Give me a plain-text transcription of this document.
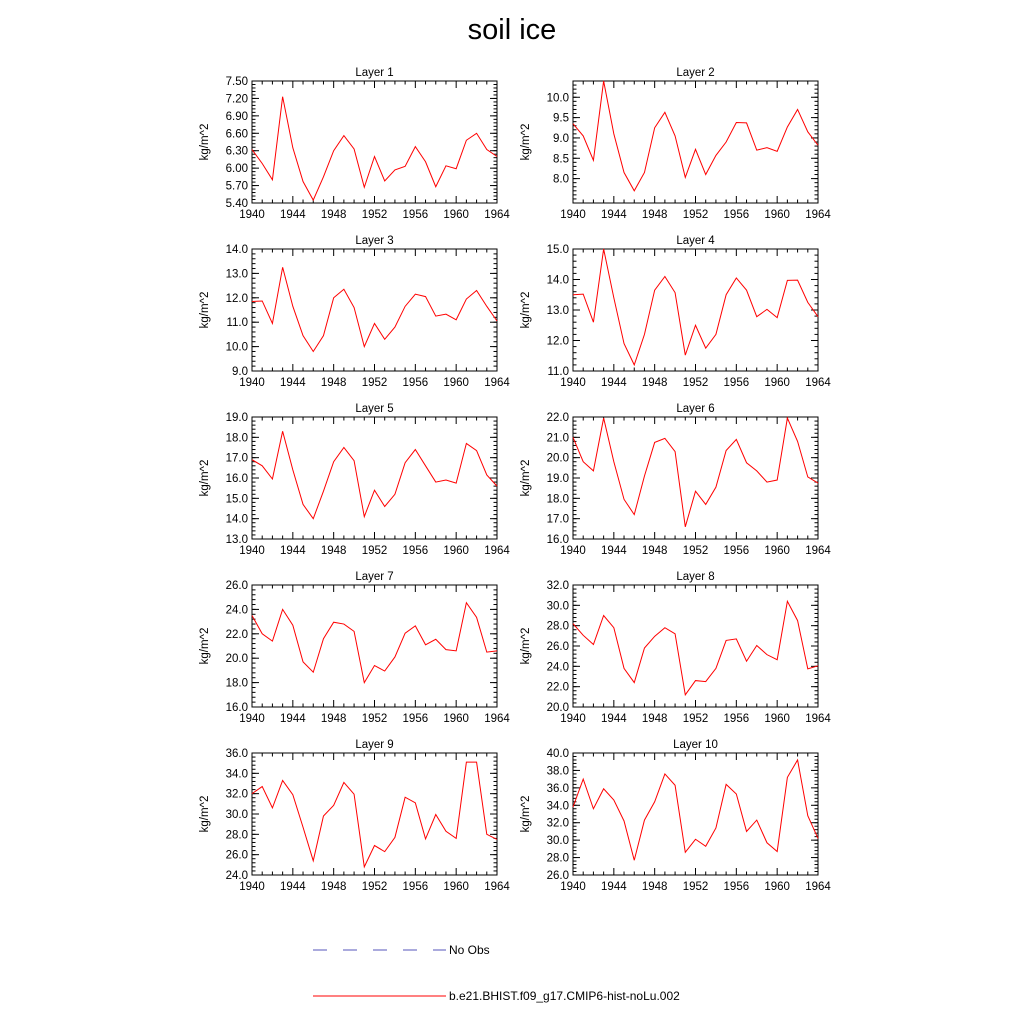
soil ice
Layer 1
1940 1944 1948 1952 1956 1960 1964
5.40
5.70
6.00
6.30
6.60
6.90
7.20
7.50
kg/m^2
Layer 2
1940 1944 1948 1952 1956 1960 1964
8.0
8.5
9.0
9.5
10.0
kg/m^2
Layer 3
1940 1944 1948 1952 1956 1960 1964
9.0
10.0
11.0
12.0
13.0
14.0
kg/m^2
Layer 4
1940 1944 1948 1952 1956 1960 1964
11.0
12.0
13.0
14.0
15.0
kg/m^2
Layer 5
1940 1944 1948 1952 1956 1960 1964
13.0
14.0
15.0
16.0
17.0
18.0
19.0
kg/m^2
Layer 6
1940 1944 1948 1952 1956 1960 1964
16.0
17.0
18.0
19.0
20.0
21.0
22.0
kg/m^2
Layer 7
1940 1944 1948 1952 1956 1960 1964
16.0
18.0
20.0
22.0
24.0
26.0
kg/m^2
Layer 8
1940 1944 1948 1952 1956 1960 1964
20.0
22.0
24.0
26.0
28.0
30.0
32.0
kg/m^2
Layer 9
1940 1944 1948 1952 1956 1960 1964
24.0
26.0
28.0
30.0
32.0
34.0
36.0
kg/m^2
Layer 10
1940 1944 1948 1952 1956 1960 1964
26.0
28.0
30.0
32.0
34.0
36.0
38.0
40.0
kg/m^2
No Obs
b.e21.BHIST.f09_g17.CMIP6-hist-noLu.002
